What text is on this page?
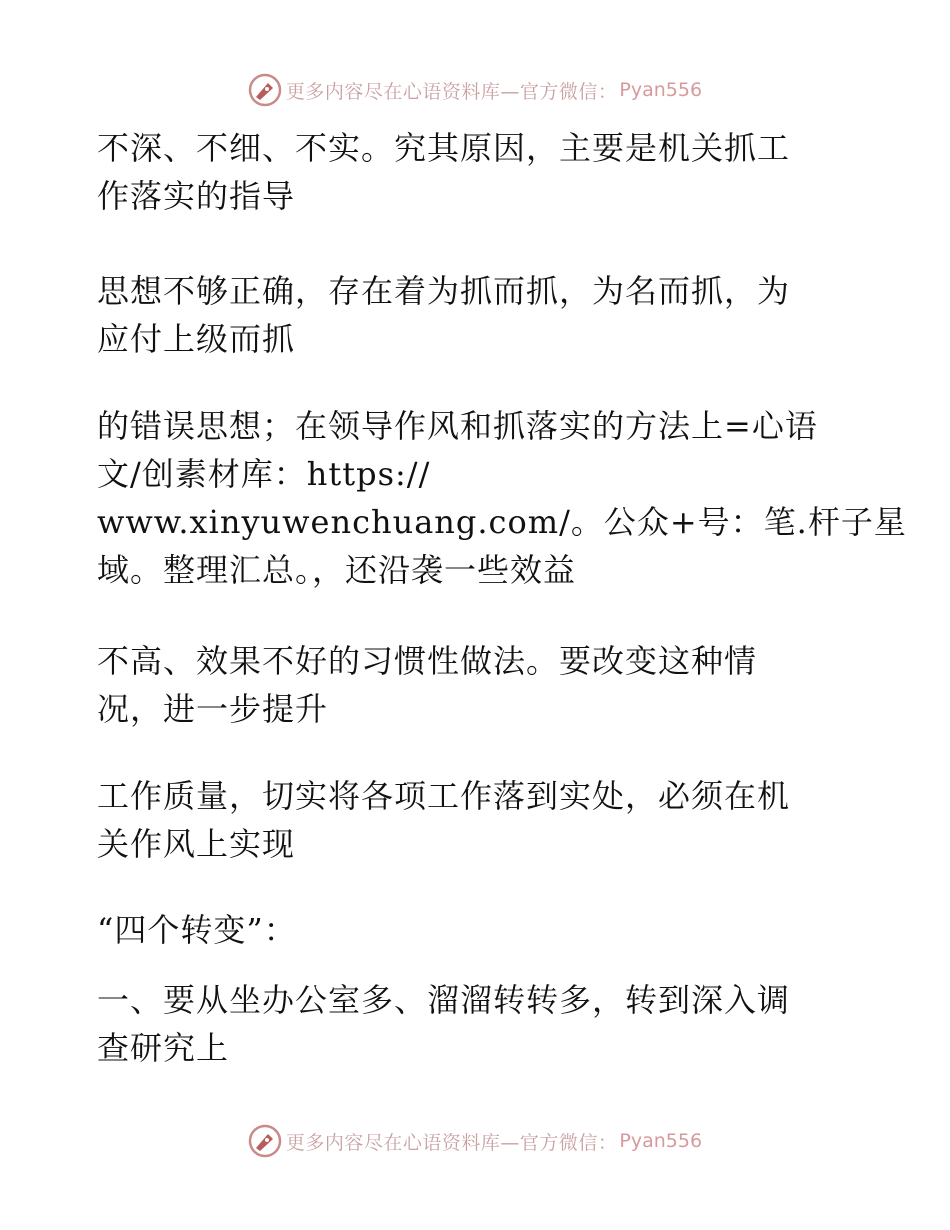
更多内容尽在心语资料库—官方微信： Pyan556

不深、不细、不实。究其原因，主要是机关抓工
作落实的指导

思想不够正确，存在着为抓而抓，为名而抓，为
应付上级而抓

的错误思想；在领导作风和抓落实的方法上=心语
文/创素材库：https://
www.xinyuwenchuang.com/。公众+号：笔.杆子星
域。整理汇总。，还沿袭一些效益

不高、效果不好的习惯性做法。要改变这种情
况，进一步提升

工作质量，切实将各项工作落到实处，必须在机
关作风上实现

“四个转变”：

一、要从坐办公室多、溜溜转转多，转到深入调
查研究上

更多内容尽在心语资料库—官方微信： Pyan556
